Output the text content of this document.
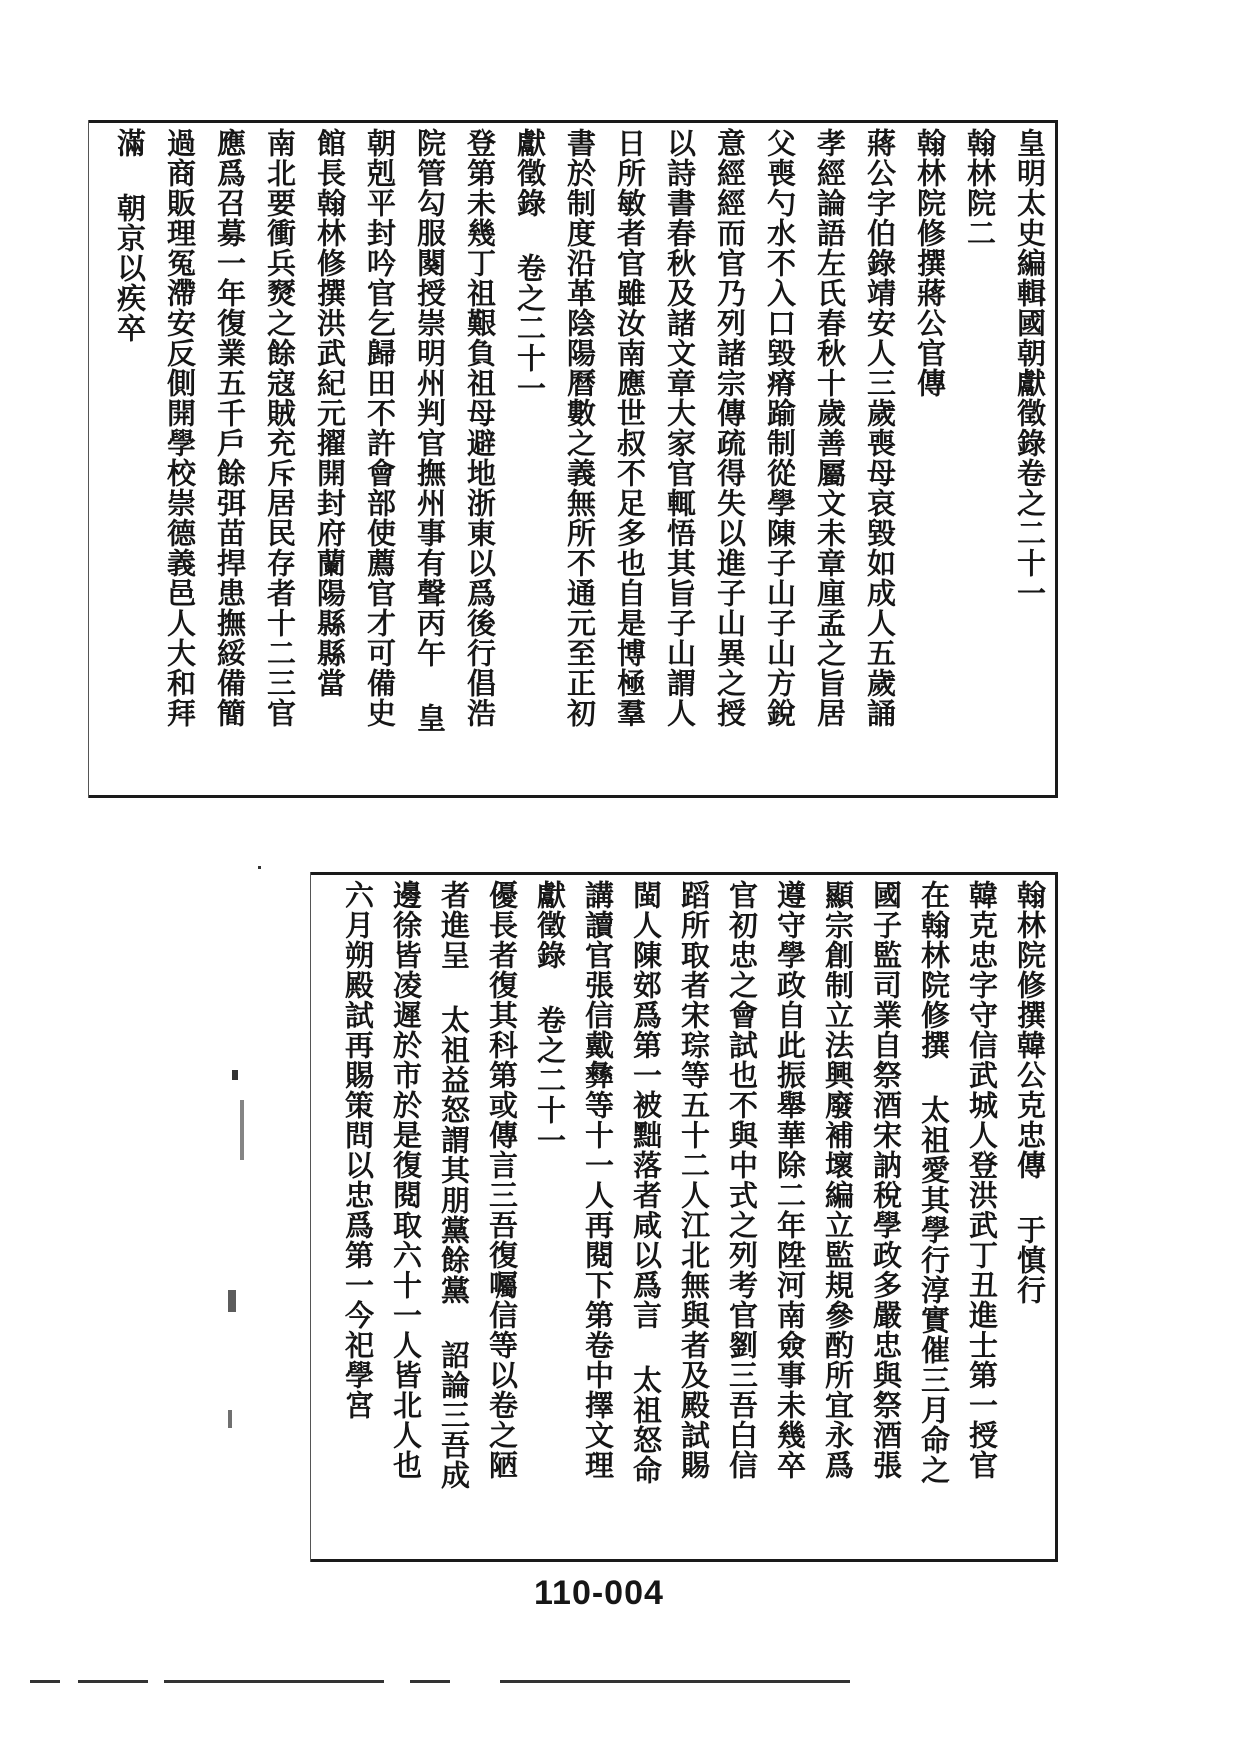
皇明太史編輯國朝獻徵錄卷之二十一
翰林院二
翰林院修撰蔣公官傳
蔣公字伯錄靖安人三歲喪母哀毀如成人五歲誦
孝經論語左氏春秋十歲善屬文未章㢆孟之旨居
父喪勺水不入口毀瘠踰制從學陳子山子山方銳
意經經而官乃列諸宗傳疏得失以進子山異之授
以詩書春秋及諸文章大家官輒悟其旨子山謂人
日所敏者官雖汝南應世叔不足多也自是博極羣
書於制度沿革陰陽曆數之義無所不通元至正初
獻徵錄 卷之二十一
登第未幾丁祖艱負祖母避地浙東以爲後行倡浩
院管勾服闋授崇明州判官撫州事有聲丙午 皇
朝剋平封吟官乞歸田不許會部使薦官才可備史
館長翰林修撰洪武紀元擢開封府蘭陽縣縣當
南北要衝兵燹之餘寇賊充斥居民存者十二三官
應爲召募一年復業五千戶餘弭苗捍患撫綏備簡
過商販理冤滯安反側開學校崇德義邑人大和拜
滿 朝京以疾卒
翰林院修撰韓公克忠傳 于慎行
韓克忠字守信武城人登洪武丁丑進士第一授官
在翰林院修撰 太祖愛其學行淳實催三月命之
國子監司業自祭酒宋訥稅學政多嚴忠與祭酒張
顯宗創制立法興廢補壞編立監規參酌所宜永爲
遵守學政自此振舉華除二年陞河南僉事未幾卒
官初忠之會試也不與中式之列考官劉三吾白信
蹈所取者宋琮等五十二人江北無與者及殿試賜
閩人陳䢿爲第一被黜落者咸以爲言 太祖怒命
講讀官張信戴彝等十一人再閱下第卷中擇文理
獻徵錄 卷之二十一
優長者復其科第或傳言三吾復囑信等以卷之陋
者進呈 太祖益怒謂其朋黨餘黨 詔論三吾成
邊徐皆凌遲於市於是復閱取六十一人皆北人也
六月朔殿試再賜策問以忠爲第一今祀學宮
110-004
